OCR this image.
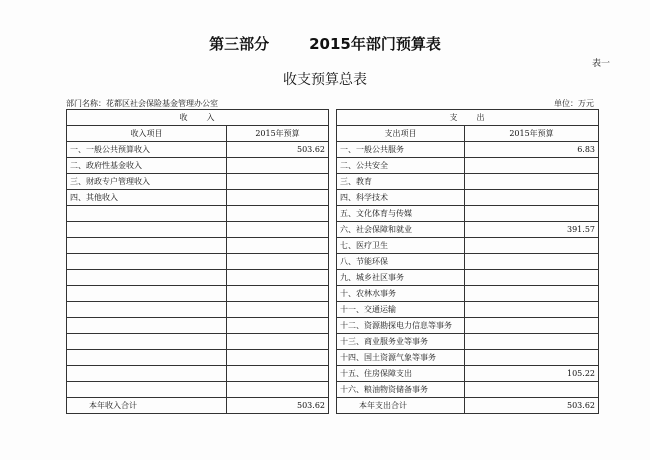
第三部分	2015年部门预算表
表一
收支预算总表
部门名称：花都区社会保险基金管理办公室	单位：万元
收　　入			支　　出	
收入项目	2015年预算		支出项目	2015年预算
一、一般公共预算收入	503.62		一、一般公共服务	6.83
二、政府性基金收入			二、公共安全	
三、财政专户管理收入			三、教育	
四、其他收入			四、科学技术	
			五、文化体育与传媒	
			六、社会保障和就业	391.57
			七、医疗卫生	
			八、节能环保	
			九、城乡社区事务	
			十、农林水事务	
			十一、交通运输	
			十二、资源勘探电力信息等事务	
			十三、商业服务业等事务	
			十四、国土资源气象等事务	
			十五、住房保障支出	105.22
			十六、粮油物资储备事务	
本年收入合计	503.62		本年支出合计	503.62
